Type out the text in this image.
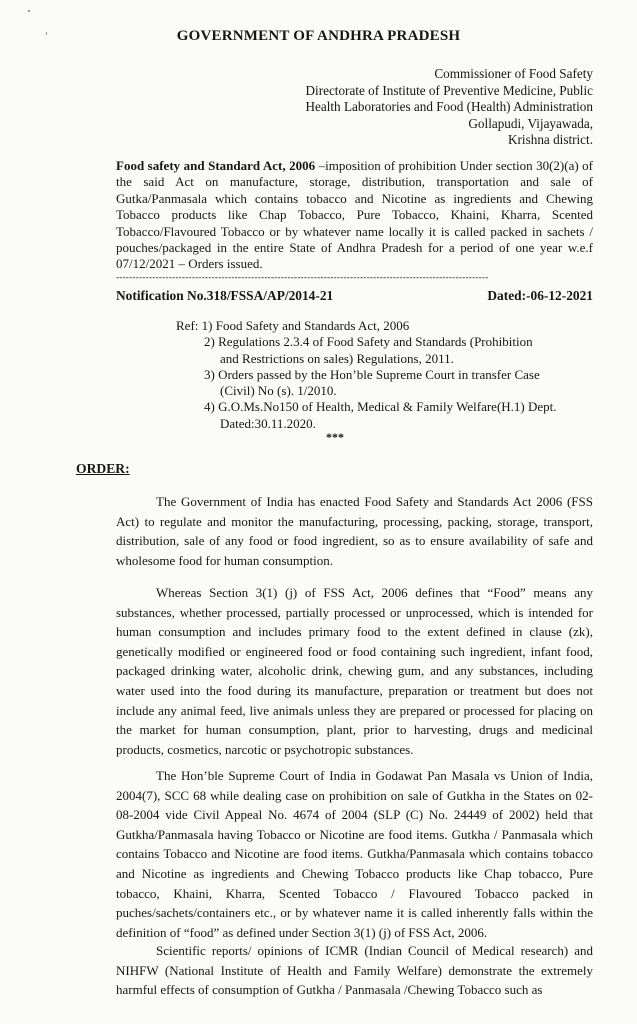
GOVERNMENT OF ANDHRA PRADESH
Commissioner of Food Safety
Directorate of Institute of Preventive Medicine, Public
Health Laboratories and Food (Health) Administration
Gollapudi, Vijayawada,
Krishna district.
Food safety and Standard Act, 2006 –imposition of prohibition Under section 30(2)(a) of the said Act on manufacture, storage, distribution, transportation and sale of Gutka/Panmasala which contains tobacco and Nicotine as ingredients and Chewing Tobacco products like Chap Tobacco, Pure Tobacco, Khaini, Kharra, Scented Tobacco/Flavoured Tobacco or by whatever name locally it is called packed in sachets / pouches/packaged in the entire State of Andhra Pradesh for a period of one year w.e.f 07/12/2021 – Orders issued.
-----------------------------------------------------------------------------------------------------------------
Notification No.318/FSSA/AP/2014-21	Dated:-06-12-2021
Ref: 1) Food Safety and Standards Act, 2006
2) Regulations 2.3.4 of Food Safety and Standards (Prohibition
and Restrictions on sales) Regulations, 2011.
3) Orders passed by the Hon’ble Supreme Court in transfer Case
(Civil) No (s). 1/2010.
4) G.O.Ms.No150 of Health, Medical & Family Welfare(H.1) Dept.
Dated:30.11.2020.
***
ORDER:

The Government of India has enacted Food Safety and Standards Act 2006 (FSS Act) to regulate and monitor the manufacturing, processing, packing, storage, transport, distribution, sale of any food or food ingredient, so as to ensure availability of safe and wholesome food for human consumption.

Whereas Section 3(1) (j) of FSS Act, 2006 defines that “Food” means any substances, whether processed, partially processed or unprocessed, which is intended for human consumption and includes primary food to the extent defined in clause (zk), genetically modified or engineered food or food containing such ingredient, infant food, packaged drinking water, alcoholic drink, chewing gum, and any substances, including water used into the food during its manufacture, preparation or treatment but does not include any animal feed, live animals unless they are prepared or processed for placing on the market for human consumption, plant, prior to harvesting, drugs and medicinal products, cosmetics, narcotic or psychotropic substances.

The Hon’ble Supreme Court of India in Godawat Pan Masala vs Union of India, 2004(7), SCC 68 while dealing case on prohibition on sale of Gutkha in the States on 02-08-2004 vide Civil Appeal No. 4674 of 2004 (SLP (C) No. 24449 of 2002) held that Gutkha/Panmasala having Tobacco or Nicotine are food items. Gutkha / Panmasala which contains Tobacco and Nicotine are food items. Gutkha/Panmasala which contains tobacco and Nicotine as ingredients and Chewing Tobacco products like Chap tobacco, Pure tobacco, Khaini, Kharra, Scented Tobacco / Flavoured Tobacco packed in puches/sachets/containers etc., or by whatever name it is called inherently falls within the definition of “food” as defined under Section 3(1) (j) of FSS Act, 2006.

Scientific reports/ opinions of ICMR (Indian Council of Medical research) and NIHFW (National Institute of Health and Family Welfare) demonstrate the extremely harmful effects of consumption of Gutkha / Panmasala /Chewing Tobacco such as
